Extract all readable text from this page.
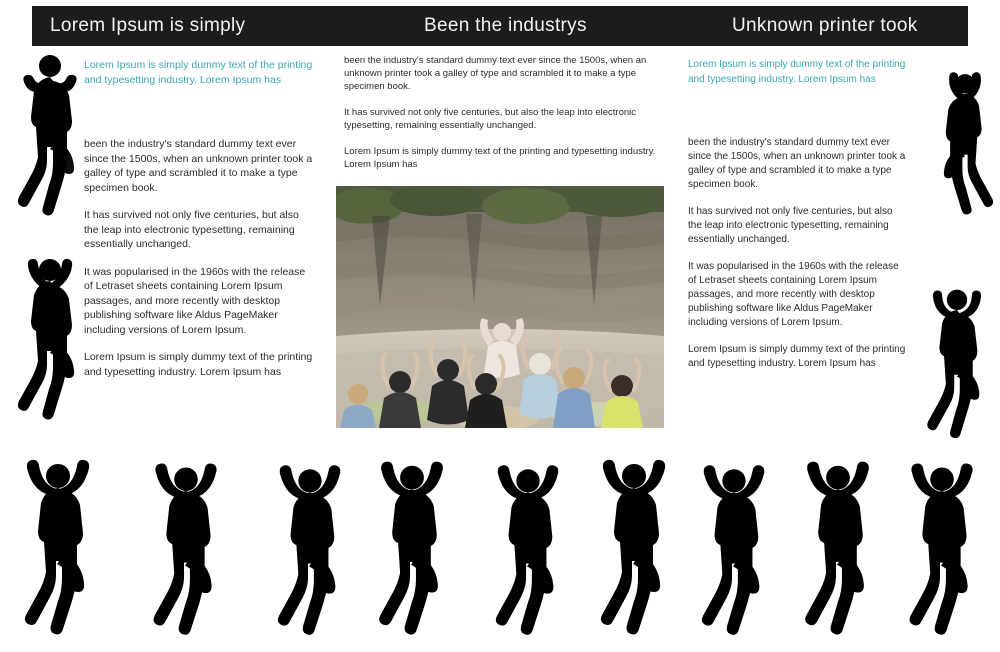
Lorem Ipsum is simply	Been the industrys	Unknown printer took

Lorem Ipsum is simply dummy text of the printing and typesetting industry. Lorem Ipsum has

been the industry's standard dummy text ever since the 1500s, when an unknown printer took a galley of type and scrambled it to make a type specimen book.

It has survived not only five centuries, but also the leap into electronic typesetting, remaining essentially unchanged.

It was popularised in the 1960s with the release of Letraset sheets containing Lorem Ipsum passages, and more recently with desktop publishing software like Aldus PageMaker including versions of Lorem Ipsum.

Lorem Ipsum is simply dummy text of the printing and typesetting industry. Lorem Ipsum has

been the industry's standard dummy text ever since the 1500s, when an unknown printer took a galley of type and scrambled it to make a type specimen book.

It has survived not only five centuries, but also the leap into electronic typesetting, remaining essentially unchanged.

Lorem Ipsum is simply dummy text of the printing and typesetting industry. Lorem Ipsum has

Lorem Ipsum is simply dummy text of the printing and typesetting industry. Lorem Ipsum has

been the industry's standard dummy text ever since the 1500s, when an unknown printer took a galley of type and scrambled it to make a type specimen book.

It has survived not only five centuries, but also the leap into electronic typesetting, remaining essentially unchanged.

It was popularised in the 1960s with the release of Letraset sheets containing Lorem Ipsum passages, and more recently with desktop publishing software like Aldus PageMaker including versions of Lorem Ipsum.

Lorem Ipsum is simply dummy text of the printing and typesetting industry. Lorem Ipsum has
